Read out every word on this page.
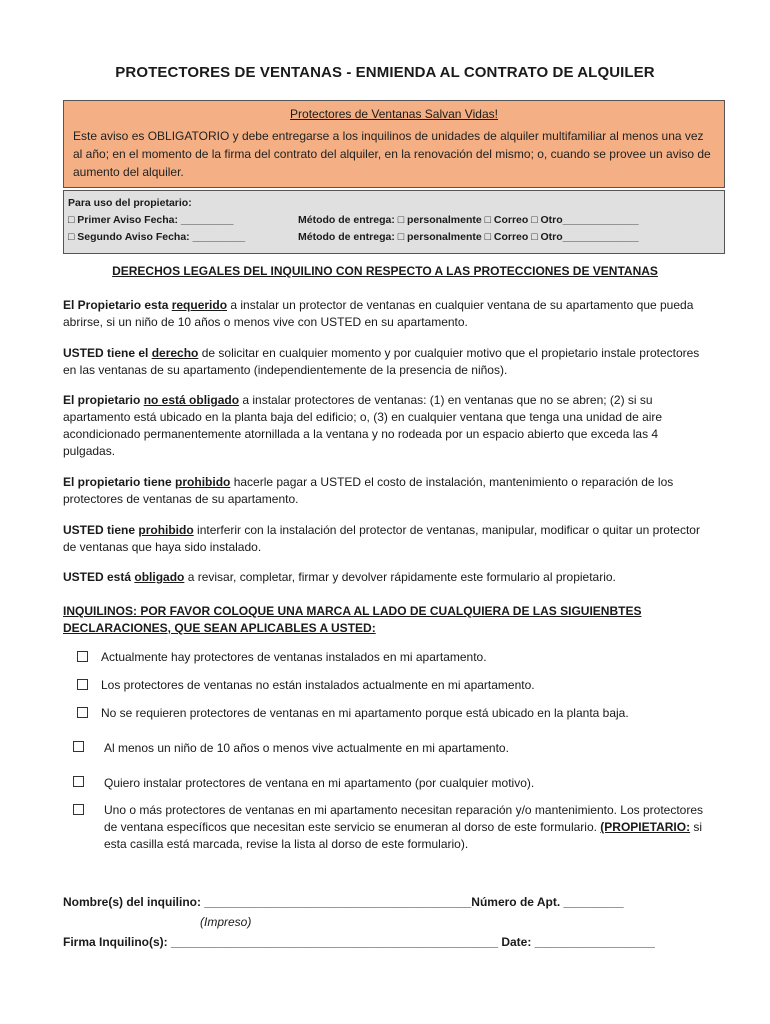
PROTECTORES DE VENTANAS - ENMIENDA AL CONTRATO DE ALQUILER
Protectores de Ventanas Salvan Vidas!
Este aviso es OBLIGATORIO y debe entregarse a los inquilinos de unidades de alquiler multifamiliar al menos una vez al año; en el momento de la firma del contrato del alquiler, en la renovación del mismo; o, cuando se provee un aviso de aumento del alquiler.
Para uso del propietario:
□ Primer Aviso Fecha: _________	Método de entrega: □ personalmente □ Correo □ Otro_____________
□ Segundo Aviso Fecha: _________	Método de entrega: □ personalmente □ Correo □ Otro_____________
DERECHOS LEGALES DEL INQUILINO CON RESPECTO A LAS PROTECCIONES DE VENTANAS
El Propietario esta requerido a instalar un protector de ventanas en cualquier ventana de su apartamento que pueda abrirse, si un niño de 10 años o menos vive con USTED en su apartamento.
USTED tiene el derecho de solicitar en cualquier momento y por cualquier motivo que el propietario instale protectores en las ventanas de su apartamento (independientemente de la presencia de niños).
El propietario no está obligado a instalar protectores de ventanas: (1) en ventanas que no se abren; (2) si su apartamento está ubicado en la planta baja del edificio; o, (3) en cualquier ventana que tenga una unidad de aire acondicionado permanentemente atornillada a la ventana y no rodeada por un espacio abierto que exceda las 4 pulgadas.
El propietario tiene prohibido hacerle pagar a USTED el costo de instalación, mantenimiento o reparación de los protectores de ventanas de su apartamento.
USTED tiene prohibido interferir con la instalación del protector de ventanas, manipular, modificar o quitar un protector de ventanas que haya sido instalado.
USTED está obligado a revisar, completar, firmar y devolver rápidamente este formulario al propietario.
INQUILINOS: POR FAVOR COLOQUE UNA MARCA AL LADO DE CUALQUIERA DE LAS SIGUIENBTES DECLARACIONES, QUE SEAN APLICABLES A USTED:
Actualmente hay protectores de ventanas instalados en mi apartamento.
Los protectores de ventanas no están instalados actualmente en mi apartamento.
No se requieren protectores de ventanas en mi apartamento porque está ubicado en la planta baja.
Al menos un niño de 10 años o menos vive actualmente en mi apartamento.
Quiero instalar protectores de ventana en mi apartamento (por cualquier motivo).
Uno o más protectores de ventanas en mi apartamento necesitan reparación y/o mantenimiento. Los protectores de ventana específicos que necesitan este servicio se enumeran al dorso de este formulario. (PROPIETARIO: si esta casilla está marcada, revise la lista al dorso de este formulario).
Nombre(s) del inquilino: ________________________________________Número de Apt. _________
(Impreso)
Firma Inquilino(s): _________________________________________________ Date: __________________
